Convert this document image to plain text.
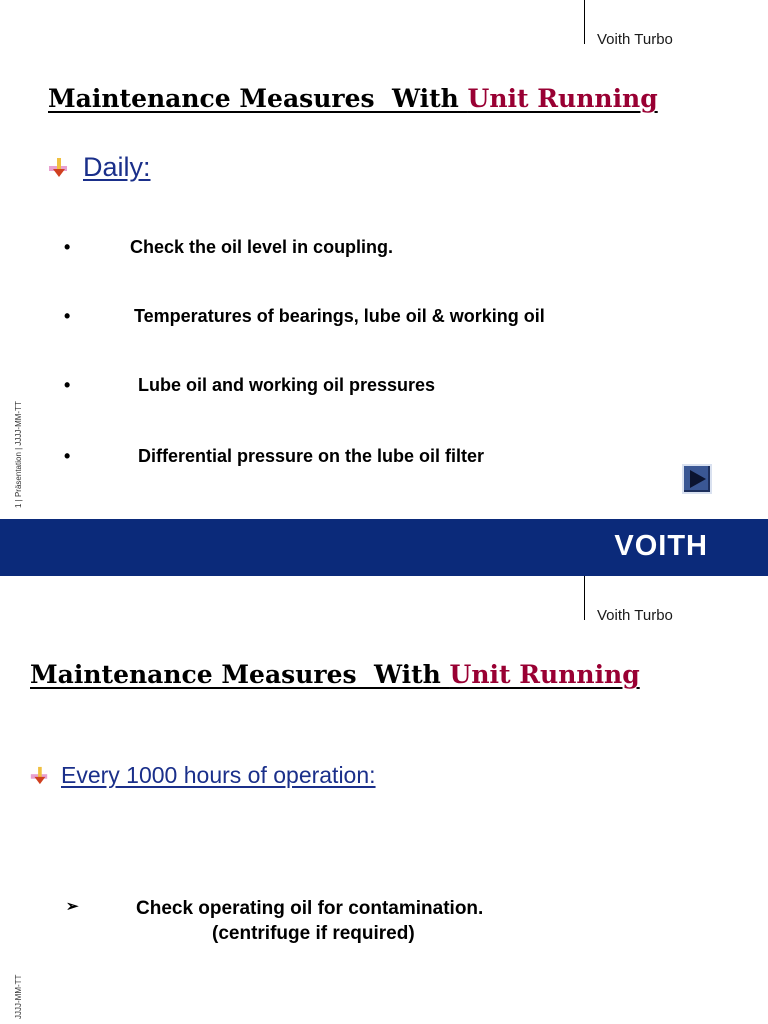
Voith Turbo
Maintenance Measures  With Unit Running
Daily:
•	Check the oil level in coupling.
•	Temperatures of bearings, lube oil & working oil
•	Lube oil and working oil pressures
•	Differential pressure on the lube oil filter
1 | Präsentation | JJJJ-MM-TT
VOITH
Voith Turbo
Maintenance Measures  With Unit Running
Every 1000 hours of operation:
➢	Check operating oil for contamination.
(centrifuge if required)
JJJJ-MM-TT
